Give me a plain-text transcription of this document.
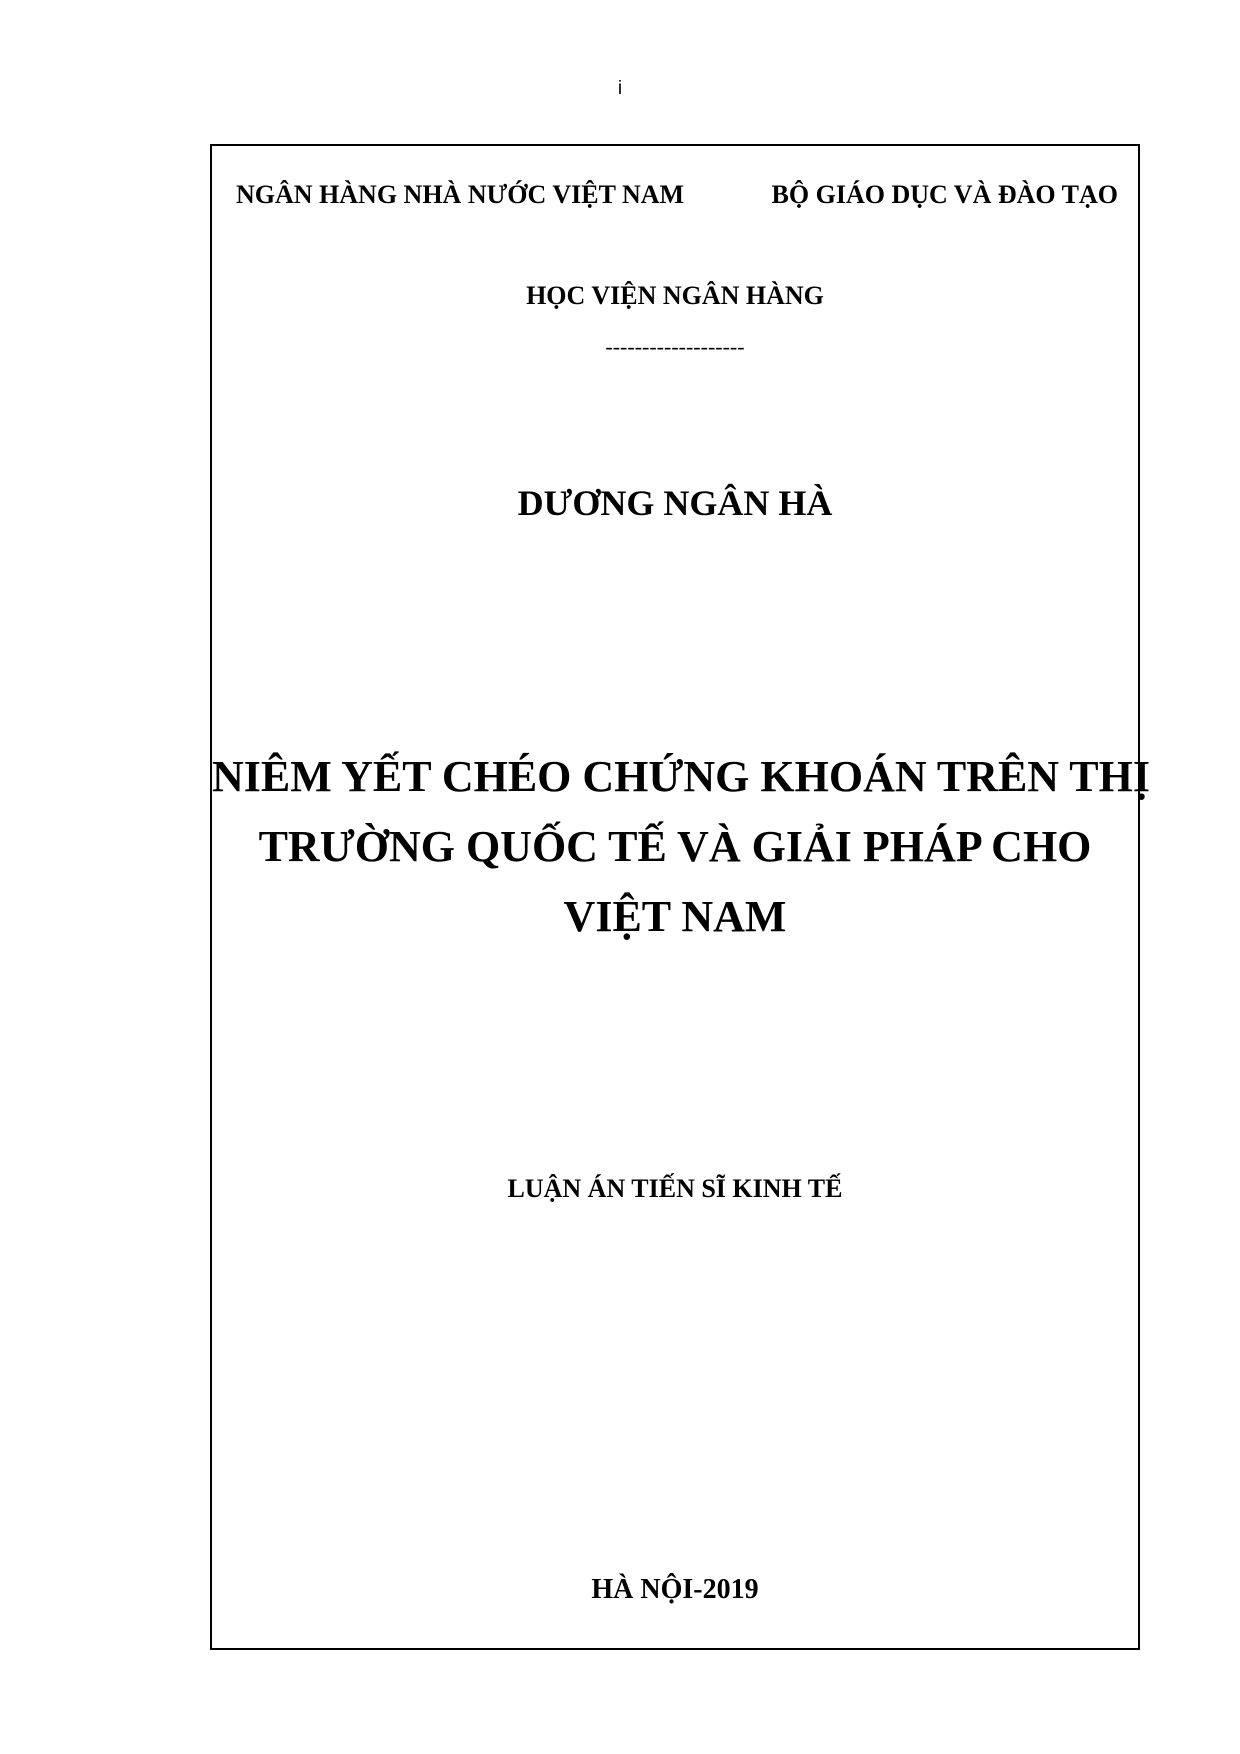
i
NGÂN HÀNG NHÀ NƯỚC VIỆT NAM	BỘ GIÁO DỤC VÀ ĐÀO TẠO
HỌC VIỆN NGÂN HÀNG
-------------------
DƯƠNG NGÂN HÀ
NIÊM YẾT CHÉO CHỨNG KHOÁN TRÊN THỊ
TRƯỜNG QUỐC TẾ VÀ GIẢI PHÁP CHO
VIỆT NAM
LUẬN ÁN TIẾN SĨ KINH TẾ
HÀ NỘI-2019
